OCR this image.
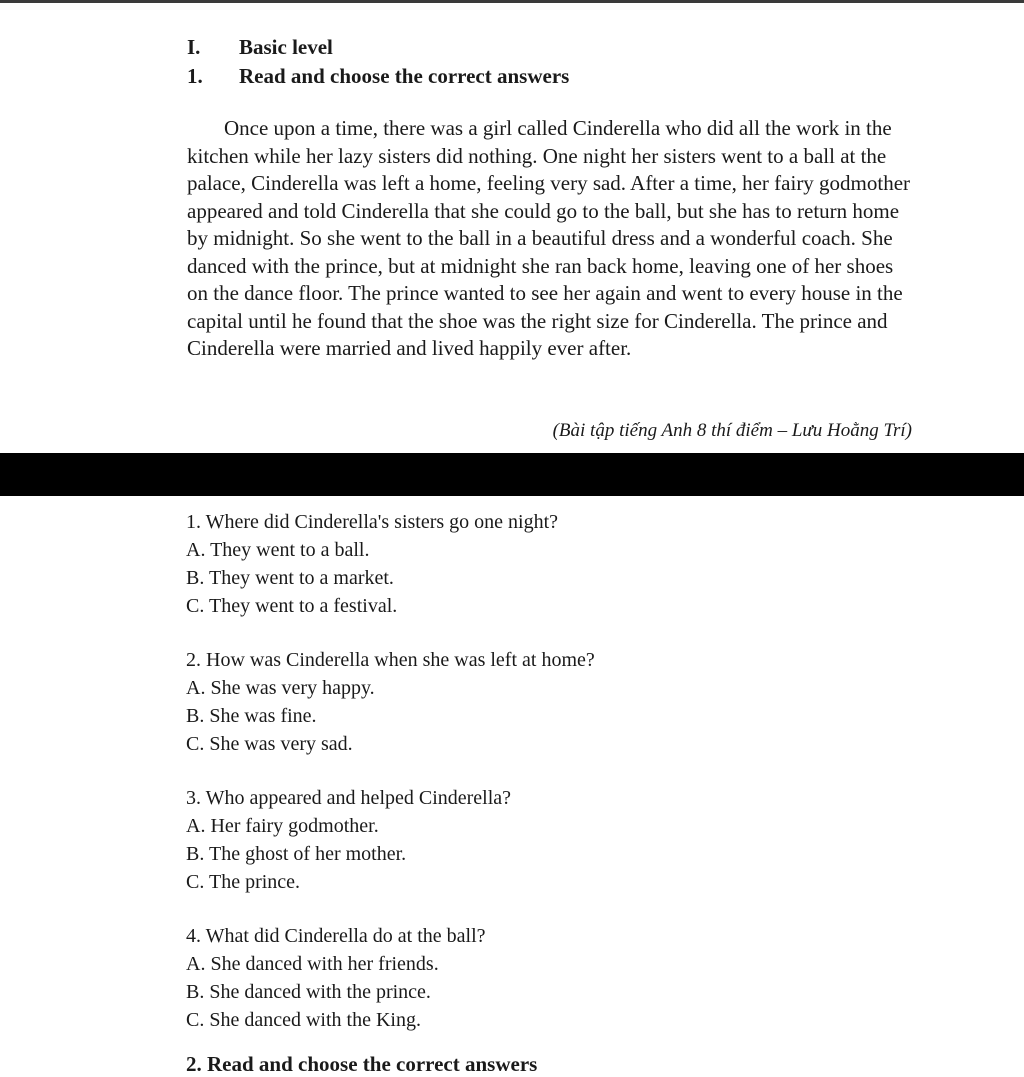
I. Basic level
1. Read and choose the correct answers

Once upon a time, there was a girl called Cinderella who did all the work in the kitchen while her lazy sisters did nothing. One night her sisters went to a ball at the palace, Cinderella was left a home, feeling very sad. After a time, her fairy godmother appeared and told Cinderella that she could go to the ball, but she has to return home by midnight. So she went to the ball in a beautiful dress and a wonderful coach. She danced with the prince, but at midnight she ran back home, leaving one of her shoes on the dance floor. The prince wanted to see her again and went to every house in the capital until he found that the shoe was the right size for Cinderella. The prince and Cinderella were married and lived happily ever after.

(Bài tập tiếng Anh 8 thí điểm – Lưu Hoằng Trí)
1. Where did Cinderella's sisters go one night?
A. They went to a ball.
B. They went to a market.
C. They went to a festival.
2. How was Cinderella when she was left at home?
A. She was very happy.
B. She was fine.
C. She was very sad.
3. Who appeared and helped Cinderella?
A. Her fairy godmother.
B. The ghost of her mother.
C. The prince.
4. What did Cinderella do at the ball?
A. She danced with her friends.
B. She danced with the prince.
C. She danced with the King.
2. Read and choose the correct answers
